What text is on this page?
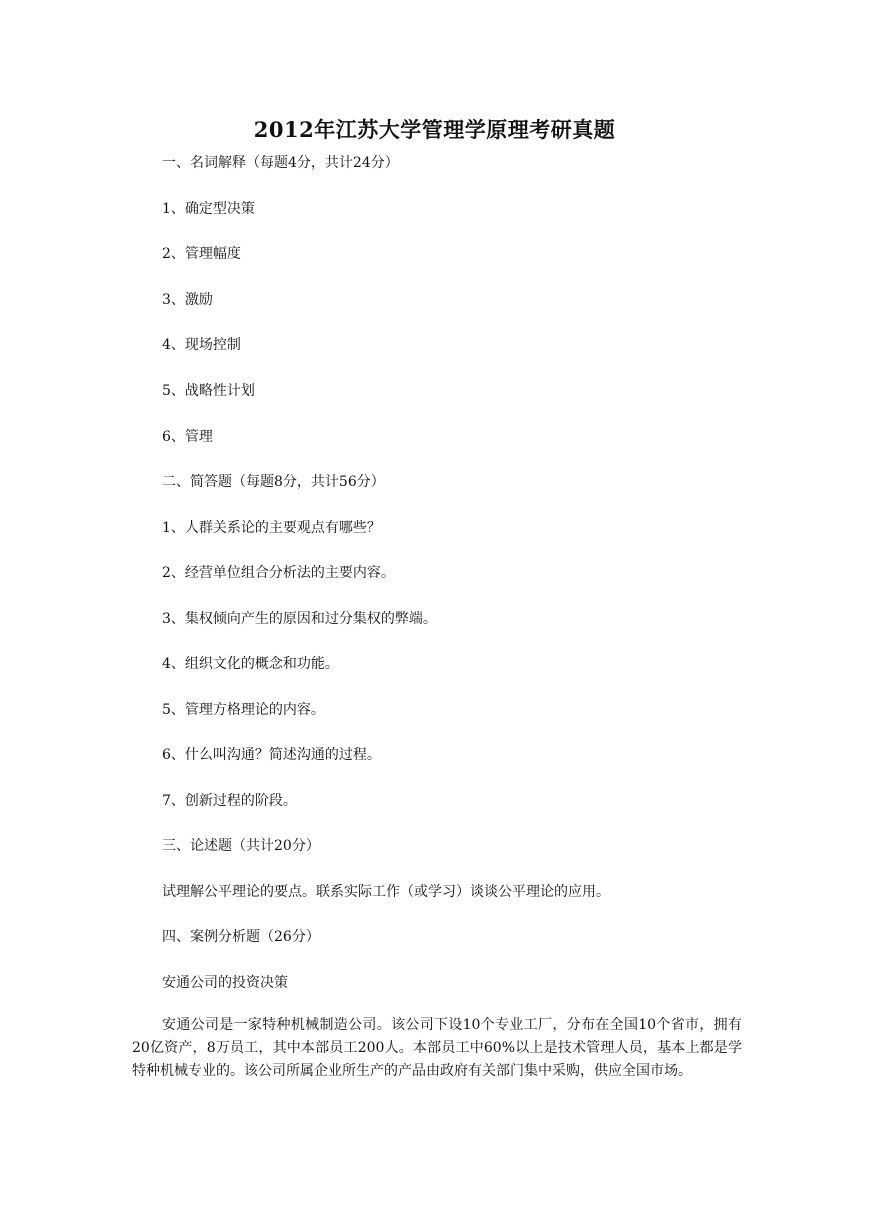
2012年江苏大学管理学原理考研真题
一、名词解释（每题4分，共计24分）
1、确定型决策
2、管理幅度
3、激励
4、现场控制
5、战略性计划
6、管理
二、简答题（每题8分，共计56分）
1、人群关系论的主要观点有哪些？
2、经营单位组合分析法的主要内容。
3、集权倾向产生的原因和过分集权的弊端。
4、组织文化的概念和功能。
5、管理方格理论的内容。
6、什么叫沟通？简述沟通的过程。
7、创新过程的阶段。
三、论述题（共计20分）
试理解公平理论的要点。联系实际工作（或学习）谈谈公平理论的应用。
四、案例分析题（26分）
安通公司的投资决策
安通公司是一家特种机械制造公司。该公司下设10个专业工厂，分布在全国10个省市，拥有20亿资产，8万员工，其中本部员工200人。本部员工中60%以上是技术管理人员，基本上都是学特种机械专业的。该公司所属企业所生产的产品由政府有关部门集中采购，供应全国市场。
